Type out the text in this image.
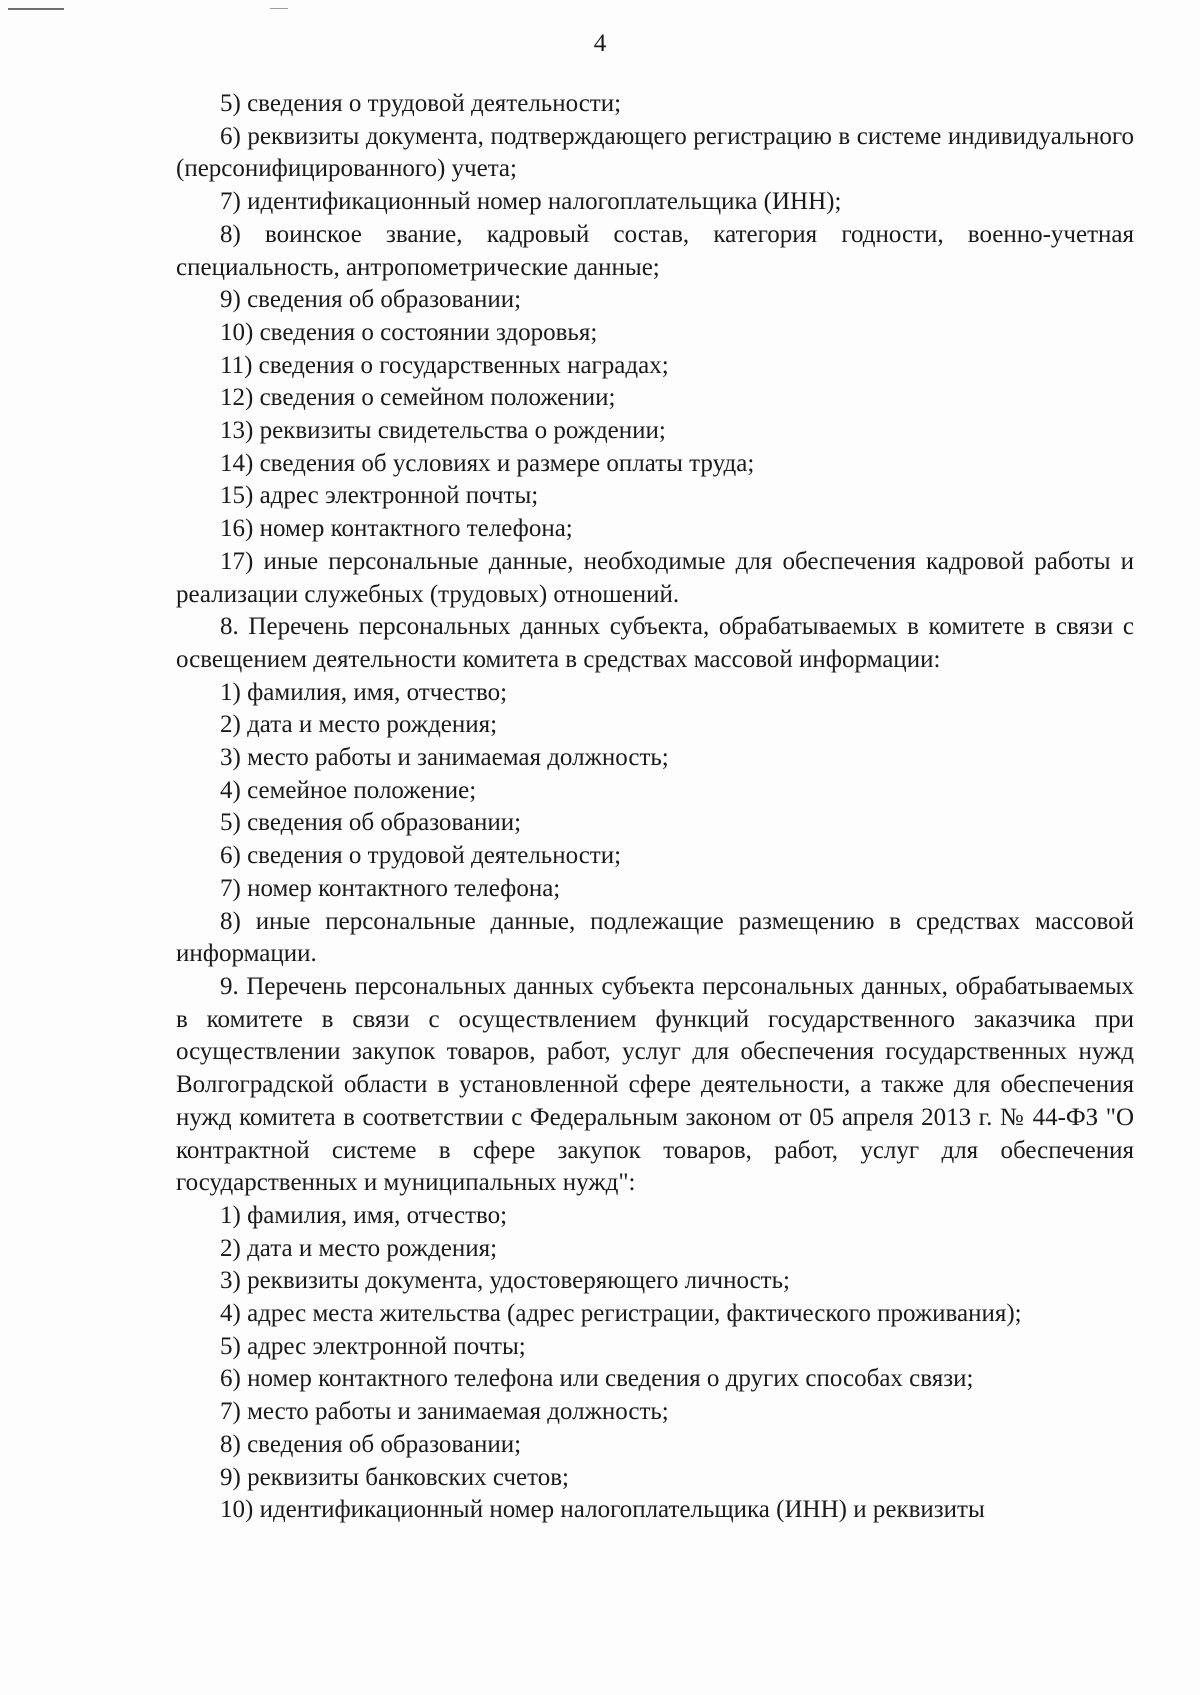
4

5) сведения о трудовой деятельности;

6) реквизиты документа, подтверждающего регистрацию в системе индивидуального (персонифицированного) учета;

7) идентификационный номер налогоплательщика (ИНН);

8) воинское звание, кадровый состав, категория годности, военно-учетная специальность, антропометрические данные;

9) сведения об образовании;

10) сведения о состоянии здоровья;

11) сведения о государственных наградах;

12) сведения о семейном положении;

13) реквизиты свидетельства о рождении;

14) сведения об условиях и размере оплаты труда;

15) адрес электронной почты;

16) номер контактного телефона;

17) иные персональные данные, необходимые для обеспечения кадровой работы и реализации служебных (трудовых) отношений.

8. Перечень персональных данных субъекта, обрабатываемых в комитете в связи с освещением деятельности комитета в средствах массовой информации:

1) фамилия, имя, отчество;

2) дата и место рождения;

3) место работы и занимаемая должность;

4) семейное положение;

5) сведения об образовании;

6) сведения о трудовой деятельности;

7) номер контактного телефона;

8) иные персональные данные, подлежащие размещению в средствах массовой информации.

9. Перечень персональных данных субъекта персональных данных, обрабатываемых в комитете в связи с осуществлением функций государственного заказчика при осуществлении закупок товаров, работ, услуг для обеспечения государственных нужд Волгоградской области в установленной сфере деятельности, а также для обеспечения нужд комитета в соответствии с Федеральным законом от 05 апреля 2013 г. № 44-ФЗ "О контрактной системе в сфере закупок товаров, работ, услуг для обеспечения государственных и муниципальных нужд":

1) фамилия, имя, отчество;

2) дата и место рождения;

3) реквизиты документа, удостоверяющего личность;

4) адрес места жительства (адрес регистрации, фактического проживания);

5) адрес электронной почты;

6) номер контактного телефона или сведения о других способах связи;

7) место работы и занимаемая должность;

8) сведения об образовании;

9) реквизиты банковских счетов;

10) идентификационный номер налогоплательщика (ИНН) и реквизиты
